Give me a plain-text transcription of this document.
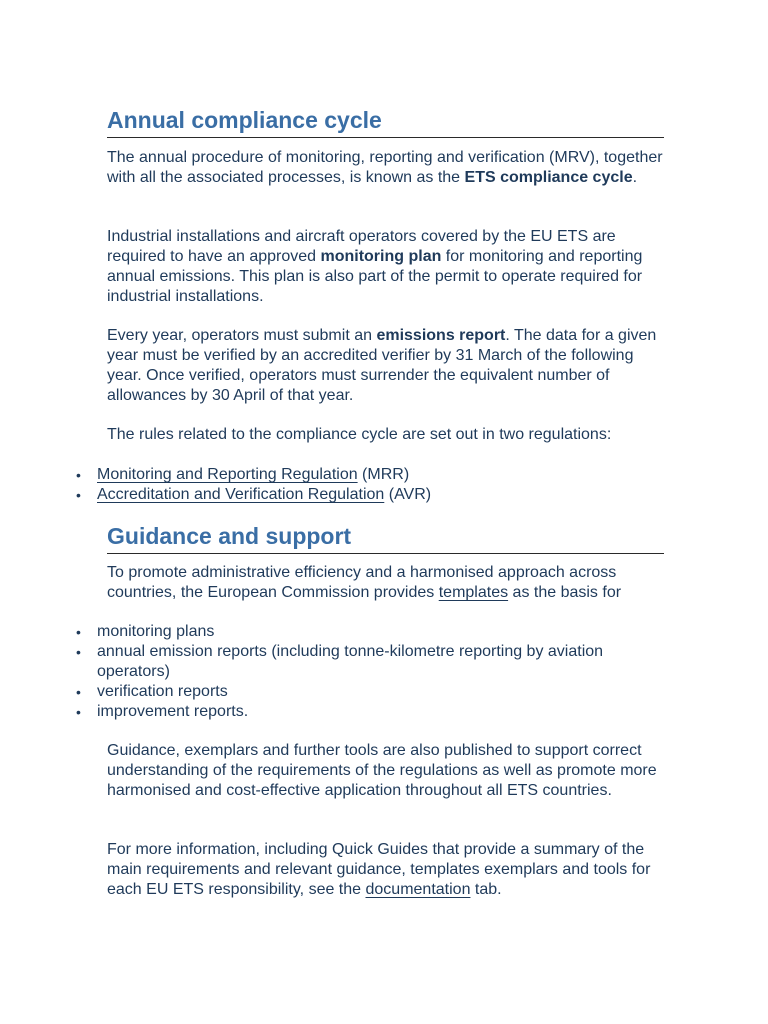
Annual compliance cycle

The annual procedure of monitoring, reporting and verification (MRV), together with all the associated processes, is known as the ETS compliance cycle.

Industrial installations and aircraft operators covered by the EU ETS are required to have an approved monitoring plan for monitoring and reporting annual emissions. This plan is also part of the permit to operate required for industrial installations.

Every year, operators must submit an emissions report. The data for a given year must be verified by an accredited verifier by 31 March of the following year. Once verified, operators must surrender the equivalent number of allowances by 30 April of that year.

The rules related to the compliance cycle are set out in two regulations:

• Monitoring and Reporting Regulation (MRR)
• Accreditation and Verification Regulation (AVR)
Guidance and support

To promote administrative efficiency and a harmonised approach across countries, the European Commission provides templates as the basis for

• monitoring plans
• annual emission reports (including tonne-kilometre reporting by aviation operators)
• verification reports
• improvement reports.

Guidance, exemplars and further tools are also published to support correct understanding of the requirements of the regulations as well as promote more harmonised and cost-effective application throughout all ETS countries.

For more information, including Quick Guides that provide a summary of the main requirements and relevant guidance, templates exemplars and tools for each EU ETS responsibility, see the documentation tab.
